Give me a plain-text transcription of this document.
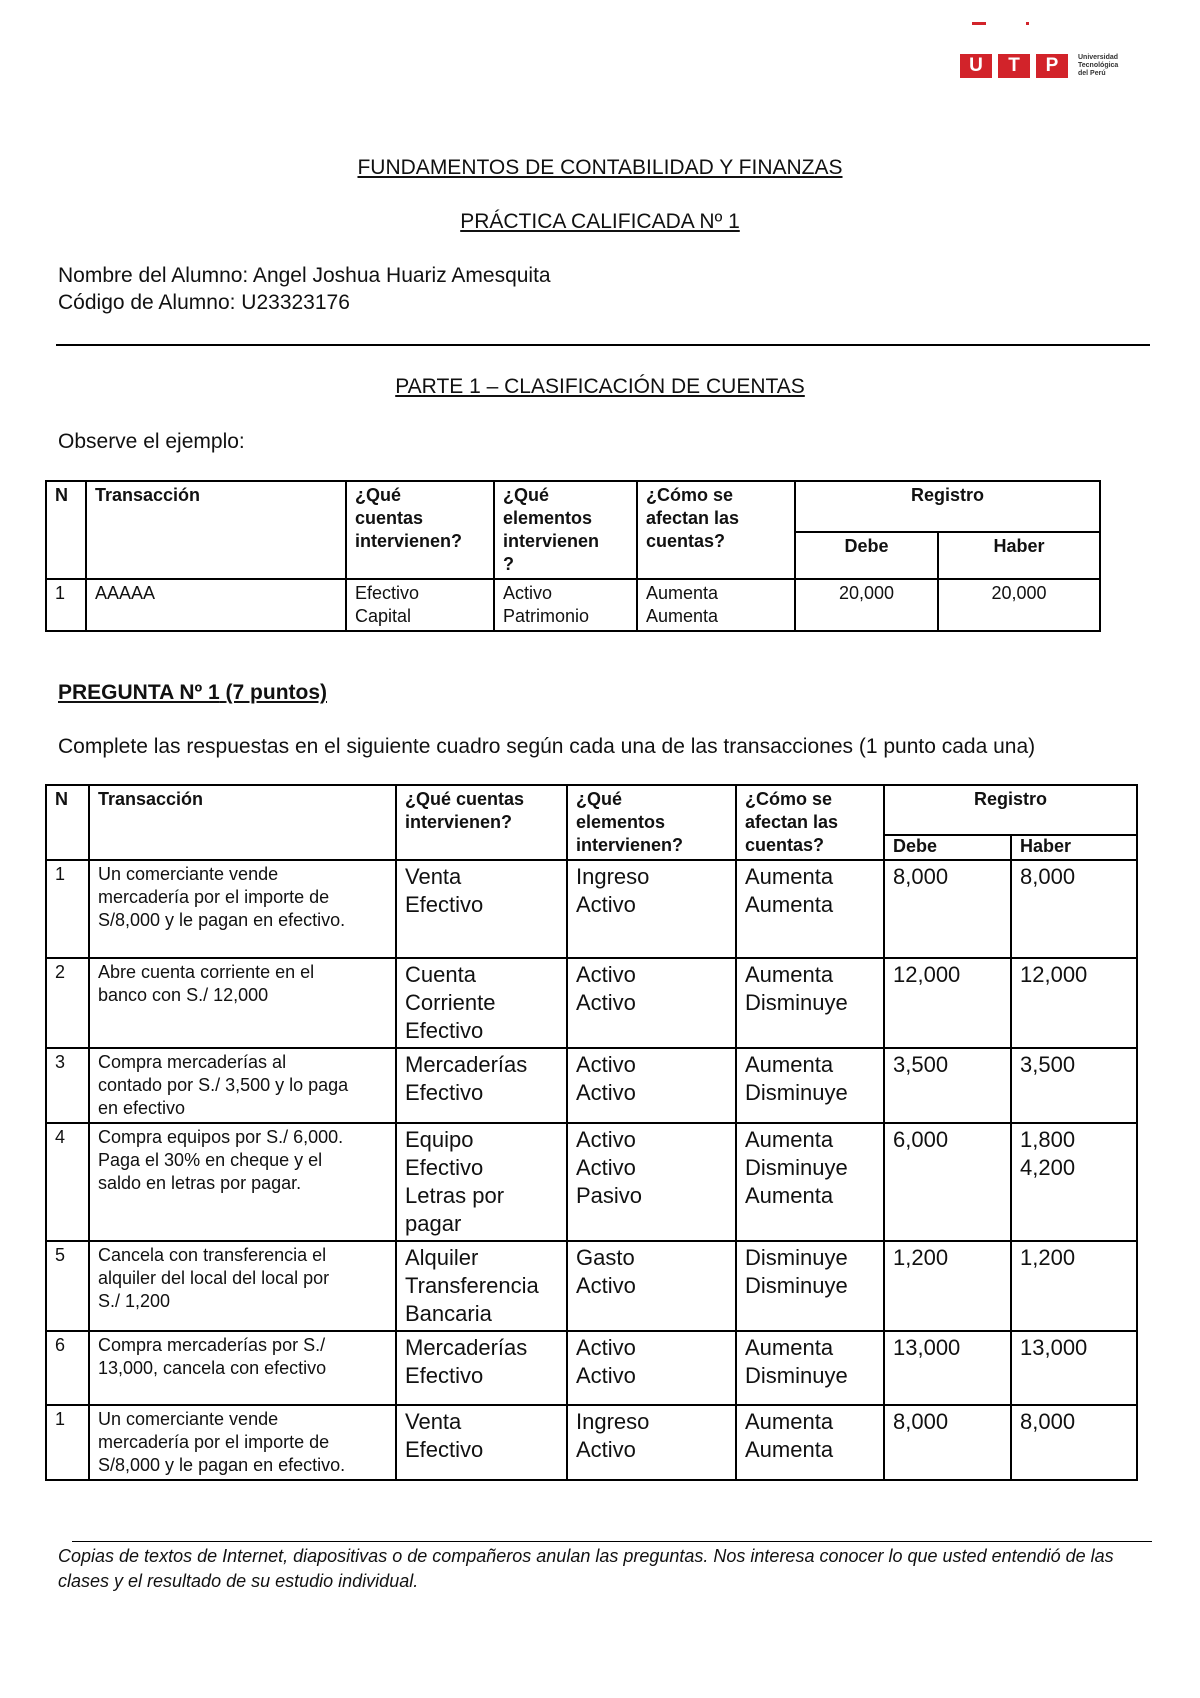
U	T	P	Universidad
Tecnológica
del Perú
FUNDAMENTOS DE CONTABILIDAD Y FINANZAS
PRÁCTICA CALIFICADA Nº 1
Nombre del Alumno: Angel Joshua Huariz Amesquita
Código de Alumno: U23323176
PARTE 1 – CLASIFICACIÓN DE CUENTAS
Observe el ejemplo:
N	Transacción	¿Qué
cuentas
intervienen?	¿Qué
elementos
intervienen
?	¿Cómo se
afectan las
cuentas?	Registro	
					Debe	Haber
1	AAAAA	Efectivo
Capital	Activo
Patrimonio	Aumenta
Aumenta	20,000	20,000
PREGUNTA Nº 1 (7 puntos)
Complete las respuestas en el siguiente cuadro según cada una de las transacciones (1 punto cada una)
N	Transacción	¿Qué cuentas
intervienen?	¿Qué
elementos
intervienen?	¿Cómo se
afectan las
cuentas?	Registro	
					Debe	Haber
1	Un comerciante vende
mercadería por el importe de
S/8,000 y le pagan en efectivo.	Venta
Efectivo	Ingreso
Activo	Aumenta
Aumenta	8,000	8,000
2	Abre cuenta corriente en el
banco con S./ 12,000	Cuenta
Corriente
Efectivo	Activo
Activo	Aumenta
Disminuye	12,000	12,000
3	Compra mercaderías al
contado por S./ 3,500 y lo paga
en efectivo	Mercaderías
Efectivo	Activo
Activo	Aumenta
Disminuye	3,500	3,500
4	Compra equipos por S./ 6,000.
Paga el 30% en cheque y el
saldo en letras por pagar.	Equipo
Efectivo
Letras por
pagar	Activo
Activo
Pasivo	Aumenta
Disminuye
Aumenta	6,000	1,800
4,200
5	Cancela con transferencia el
alquiler del local del local por
S./ 1,200	Alquiler
Transferencia
Bancaria	Gasto
Activo	Disminuye
Disminuye	1,200	1,200
6	Compra mercaderías por S./
13,000, cancela con efectivo	Mercaderías
Efectivo	Activo
Activo	Aumenta
Disminuye	13,000	13,000
1	Un comerciante vende
mercadería por el importe de
S/8,000 y le pagan en efectivo.	Venta
Efectivo	Ingreso
Activo	Aumenta
Aumenta	8,000	8,000
Copias de textos de Internet, diapositivas o de compañeros anulan las preguntas. Nos interesa conocer lo que usted entendió de las clases y el resultado de su estudio individual.
